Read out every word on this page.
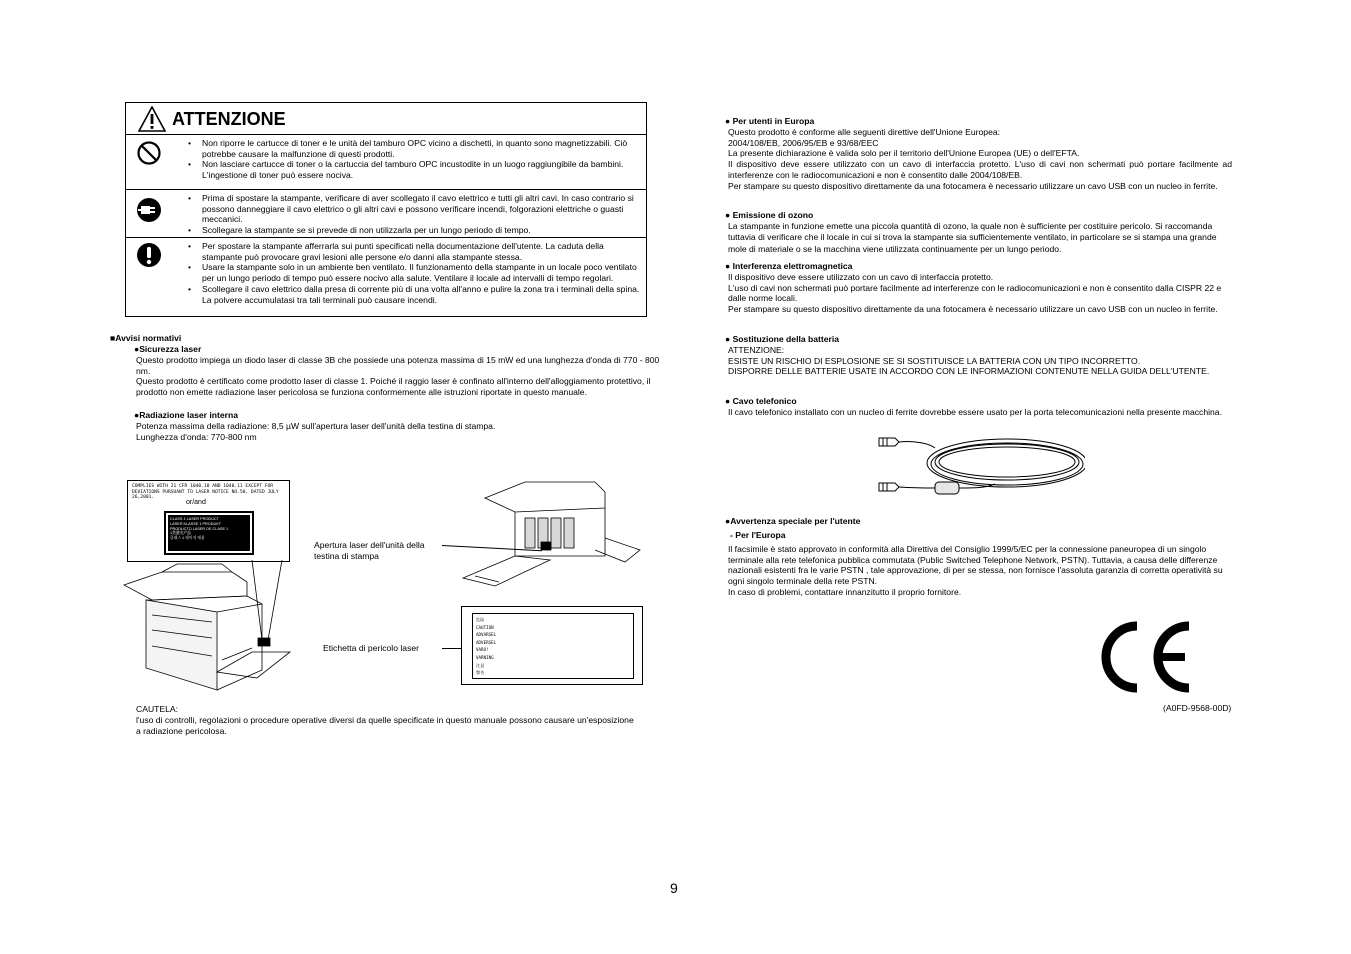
ATTENZIONE
• Non riporre le cartucce di toner e le unità del tamburo OPC vicino a dischetti, in quanto sono magnetizzabili. Ciò potrebbe causare la malfunzione di questi prodotti.
• Non lasciare cartucce di toner o la cartuccia del tamburo OPC incustodite in un luogo raggiungibile da bambini. L'ingestione di toner può essere nociva.
• Prima di spostare la stampante, verificare di aver scollegato il cavo elettrico e tutti gli altri cavi. In caso contrario si possono danneggiare il cavo elettrico o gli altri cavi e possono verificare incendi, folgorazioni elettriche o guasti meccanici.
• Scollegare la stampante se si prevede di non utilizzarla per un lungo periodo di tempo.
• Per spostare la stampante afferrarla sui punti specificati nella documentazione dell'utente. La caduta della stampante può provocare gravi lesioni alle persone e/o danni alla stampante stessa.
• Usare la stampante solo in un ambiente ben ventilato. Il funzionamento della stampante in un locale poco ventilato per un lungo periodo di tempo può essere nocivo alla salute. Ventilare il locale ad intervalli di tempo regolari.
• Scollegare il cavo elettrico dalla presa di corrente più di una volta all'anno e pulire la zona tra i terminali della spina. La polvere accumulatasi tra tali terminali può causare incendi.
■Avvisi normativi
●Sicurezza laser

Questo prodotto impiega un diodo laser di classe 3B che possiede una potenza massima di 15 mW ed una lunghezza d'onda di 770 - 800 nm.

Questo prodotto è certificato come prodotto laser di classe 1. Poiché il raggio laser è confinato all'interno dell'alloggiamento protettivo, il prodotto non emette radiazione laser pericolosa se funziona conformemente alle istruzioni riportate in questo manuale.

●Radiazione laser interna

Potenza massima della radiazione: 8,5 µW sull'apertura laser dell'unità della testina di stampa.

Lunghezza d'onda: 770-800 nm

COMPLIES WITH 21 CFR 1040.10 AND 1040.11 EXCEPT FOR DEVIATIONS PURSUANT TO LASER NOTICE NO.50, DATED JULY 26,2001.
or/and
CLASS 1 LASER PRODUCT
LASER KLASSE 1 PRODUKT
PRODUCTO LASER DE CLASE 1
1类激光产品
클래스 1 레이저 제품
Apertura laser dell'unità della testina di stampa
危险
CAUTION
ADVARSEL
ADVERSEL
VARO!
VARNING
注意
警告
Etichetta di pericolo laser
CAUTELA:
l'uso di controlli, regolazioni o procedure operative diversi da quelle specificate in questo manuale possono causare un'esposizione a radiazione pericolosa.
● Per utenti in Europa

Questo prodotto è conforme alle seguenti direttive dell'Unione Europea:

2004/108/EB, 2006/95/EB e 93/68/EEC

La presente dichiarazione è valida solo per il territorio dell'Unione Europea (UE) o dell'EFTA.

Il dispositivo deve essere utilizzato con un cavo di interfaccia protetto. L'uso di cavi non schermati può portare facilmente ad interferenze con le radiocomunicazioni e non è consentito dalle 2004/108/EB.

Per stampare su questo dispositivo direttamente da una fotocamera è necessario utilizzare un cavo USB con un nucleo in ferrite.

● Emissione di ozono
La stampante in funzione emette una piccola quantità di ozono, la quale non è sufficiente per costituire pericolo. Si raccomanda tuttavia di verificare che il locale in cui si trova la stampante sia sufficientemente ventilato, in particolare se si stampa una grande mole di materiale o se la macchina viene utilizzata continuamente per un lungo periodo.
● Interferenza elettromagnetica

Il dispositivo deve essere utilizzato con un cavo di interfaccia protetto.

L'uso di cavi non schermati può portare facilmente ad interferenze con le radiocomunicazioni e non è consentito dalla CISPR 22 e dalle norme locali.

Per stampare su questo dispositivo direttamente da una fotocamera è necessario utilizzare un cavo USB con un nucleo in ferrite.

● Sostituzione della batteria

ATTENZIONE:

ESISTE UN RISCHIO DI ESPLOSIONE SE SI SOSTITUISCE LA BATTERIA CON UN TIPO INCORRETTO.

DISPORRE DELLE BATTERIE USATE IN ACCORDO CON LE INFORMAZIONI CONTENUTE NELLA GUIDA DELL'UTENTE.

● Cavo telefonico
Il cavo telefonico installato con un nucleo di ferrite dovrebbe essere usato per la porta telecomunicazioni nella presente macchina.
●Avvertenza speciale per l'utente
- Per l'Europa

Il facsimile è stato approvato in conformità alla Direttiva del Consiglio 1999/5/EC per la connessione paneuropea di un singolo terminale alla rete telefonica pubblica commutata (Public Switched Telephone Network, PSTN). Tuttavia, a causa delle differenze nazionali esistenti fra le varie PSTN , tale approvazione, di per se stessa, non fornisce l'assoluta garanzia di corretta operatività su ogni singolo terminale della rete PSTN.

In caso di problemi, contattare innanzitutto il proprio fornitore.

(A0FD-9568-00D)
9
